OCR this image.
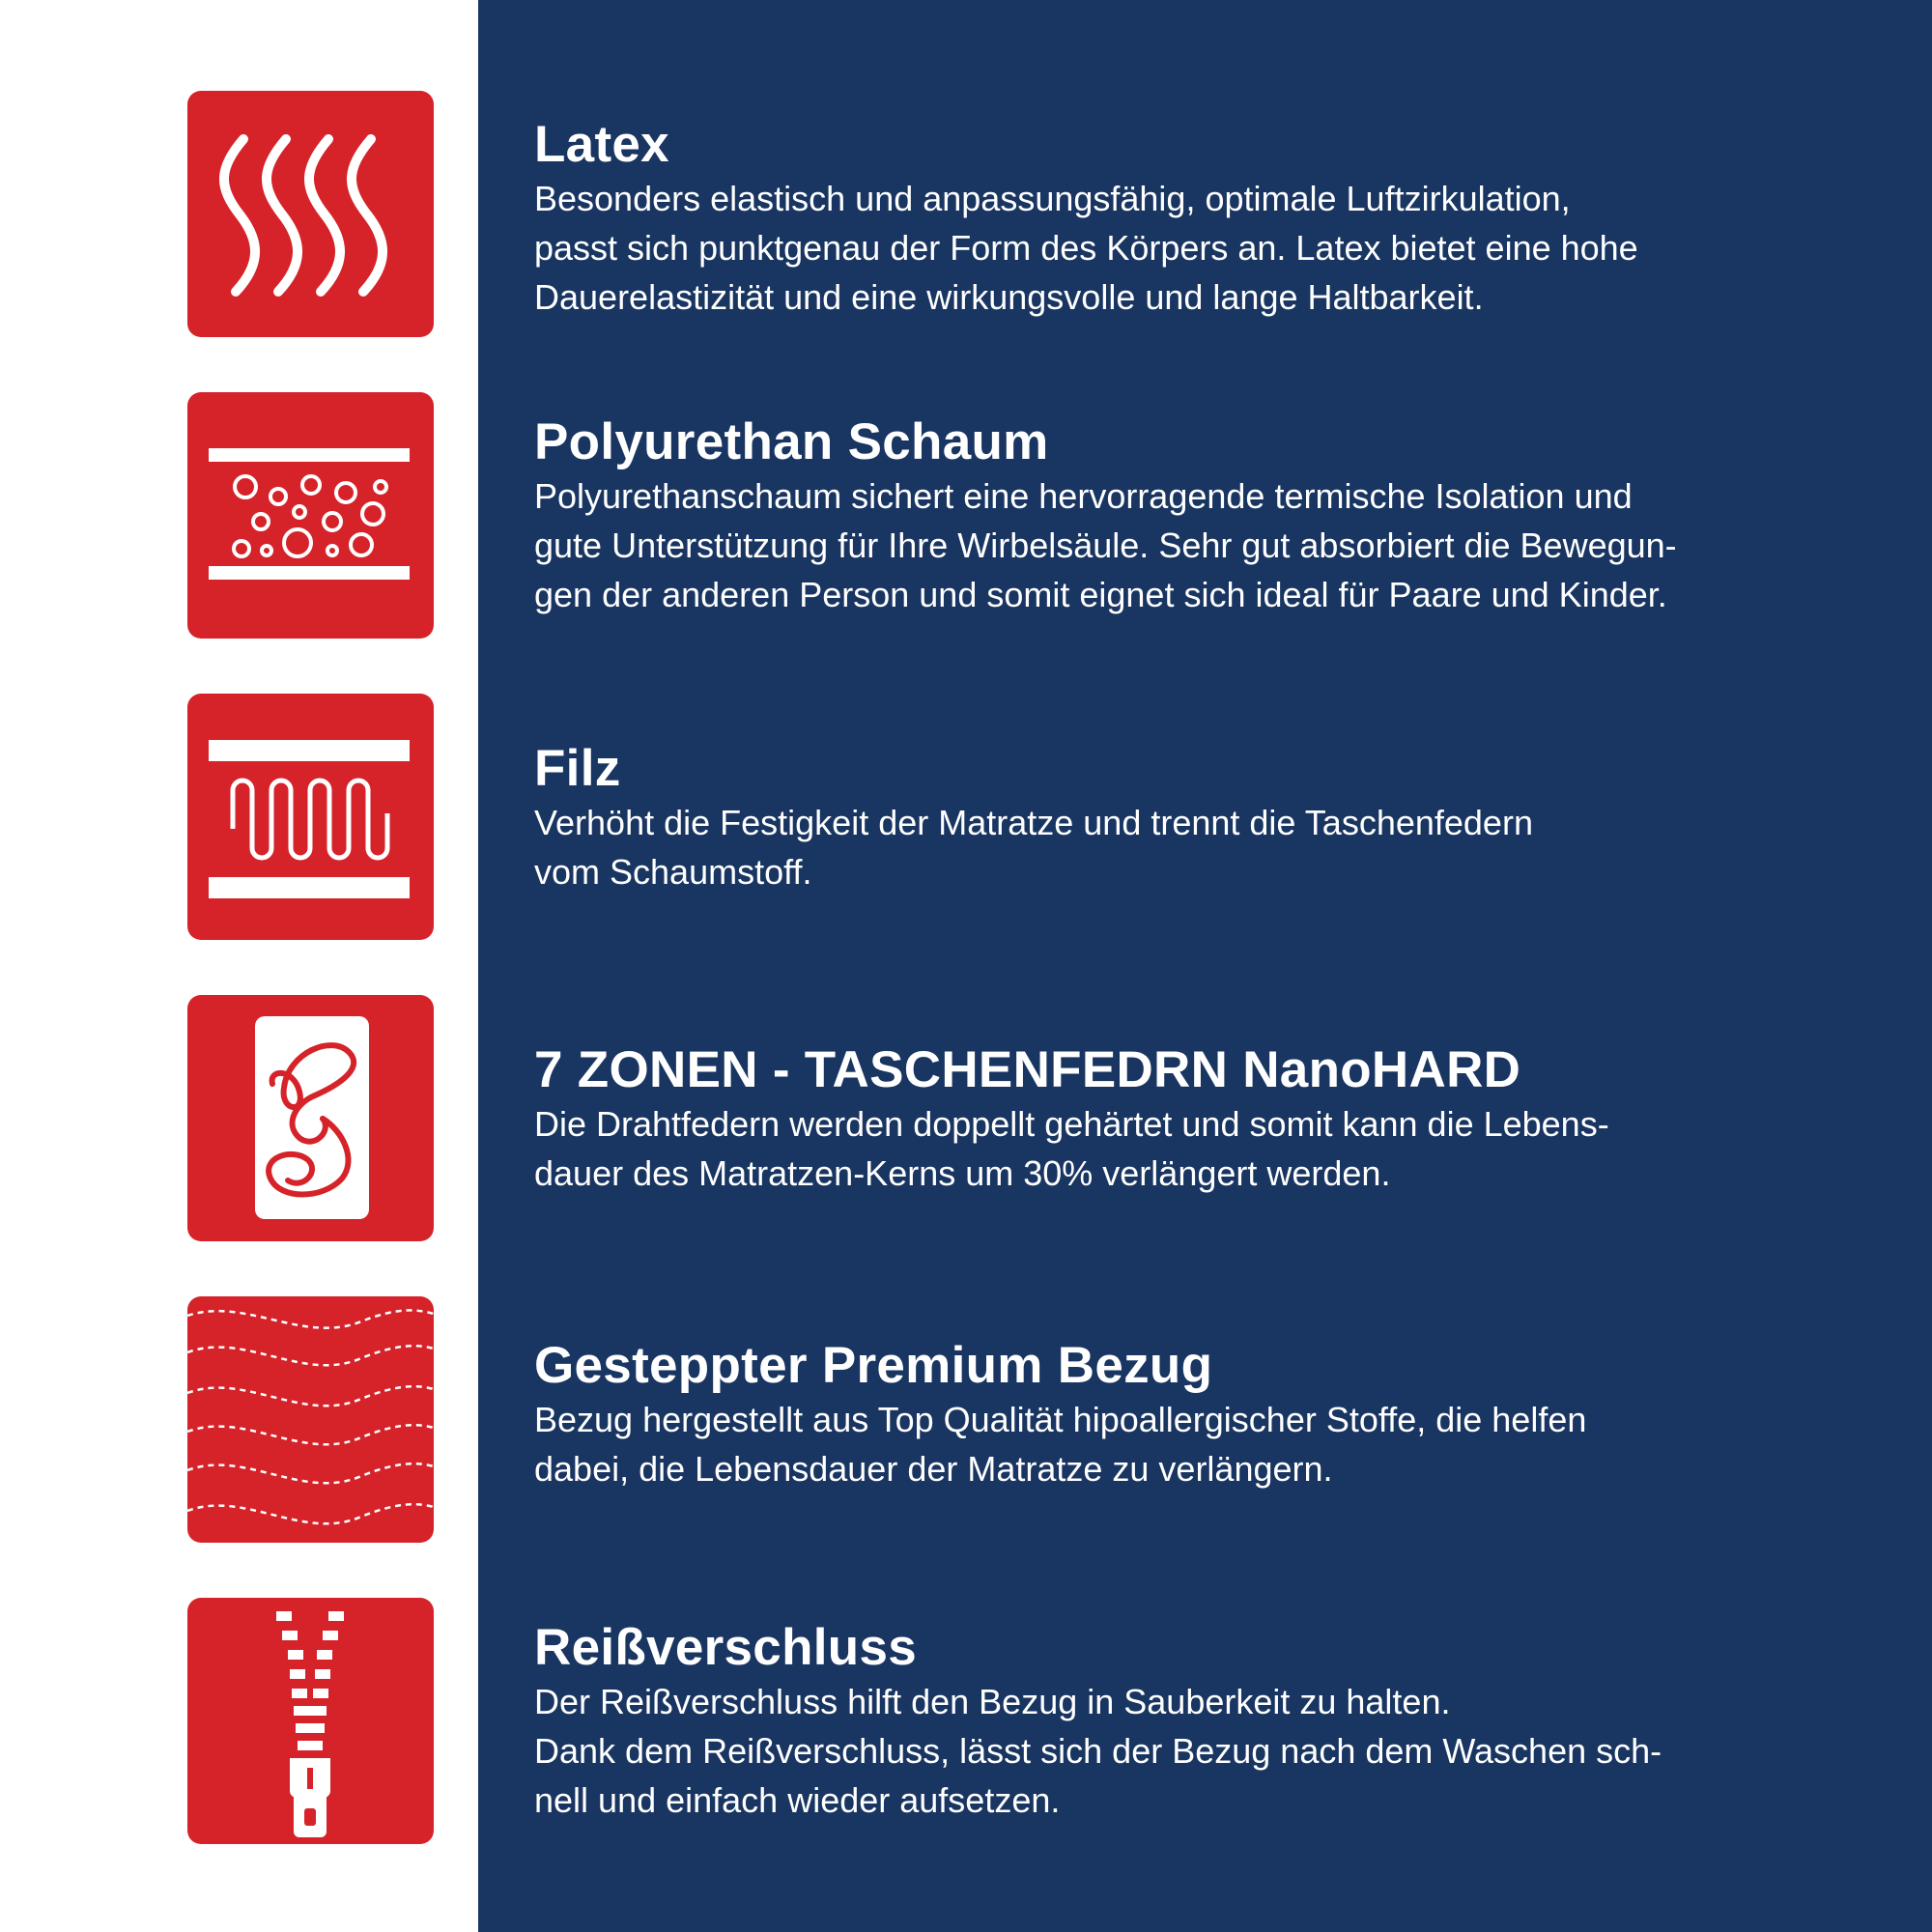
Latex

Besonders elastisch und anpassungsfähig, optimale Luftzirkulation,
passt sich punktgenau der Form des Körpers an. Latex bietet eine hohe
Dauerelastizität und eine wirkungsvolle und lange Haltbarkeit.

Polyurethan Schaum

Polyurethanschaum sichert eine hervorragende termische Isolation und
gute Unterstützung für Ihre Wirbelsäule. Sehr gut absorbiert die Bewegun-
gen der anderen Person und somit eignet sich ideal für Paare und Kinder.

Filz

Verhöht die Festigkeit der Matratze und trennt die Taschenfedern
vom Schaumstoff.

7 ZONEN - TASCHENFEDRN NanoHARD

Die Drahtfedern werden doppellt gehärtet und somit kann die Lebens-
dauer des Matratzen-Kerns um 30% verlängert werden.

Gesteppter Premium Bezug

Bezug hergestellt aus Top Qualität hipoallergischer Stoffe, die helfen
dabei, die Lebensdauer der Matratze zu verlängern.

Reißverschluss

Der Reißverschluss hilft den Bezug in Sauberkeit zu halten.
Dank dem Reißverschluss, lässt sich der Bezug nach dem Waschen sch-
nell und einfach wieder aufsetzen.
